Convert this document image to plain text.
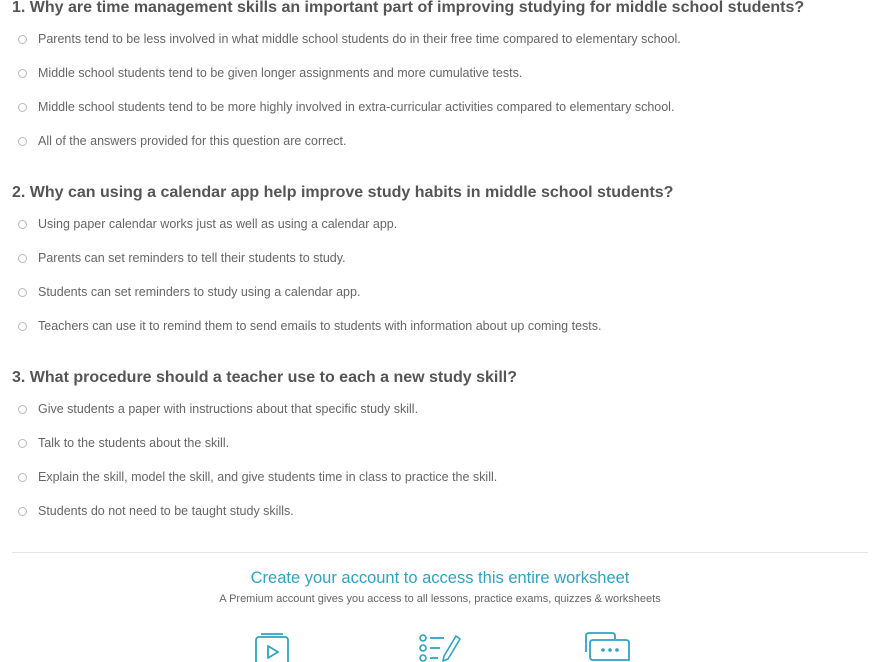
1. Why are time management skills an important part of improving studying for middle school students?
Parents tend to be less involved in what middle school students do in their free time compared to elementary school.
Middle school students tend to be given longer assignments and more cumulative tests.
Middle school students tend to be more highly involved in extra-curricular activities compared to elementary school.
All of the answers provided for this question are correct.
2. Why can using a calendar app help improve study habits in middle school students?
Using paper calendar works just as well as using a calendar app.
Parents can set reminders to tell their students to study.
Students can set reminders to study using a calendar app.
Teachers can use it to remind them to send emails to students with information about up coming tests.
3. What procedure should a teacher use to each a new study skill?
Give students a paper with instructions about that specific study skill.
Talk to the students about the skill.
Explain the skill, model the skill, and give students time in class to practice the skill.
Students do not need to be taught study skills.
Create your account to access this entire worksheet
A Premium account gives you access to all lessons, practice exams, quizzes & worksheets
